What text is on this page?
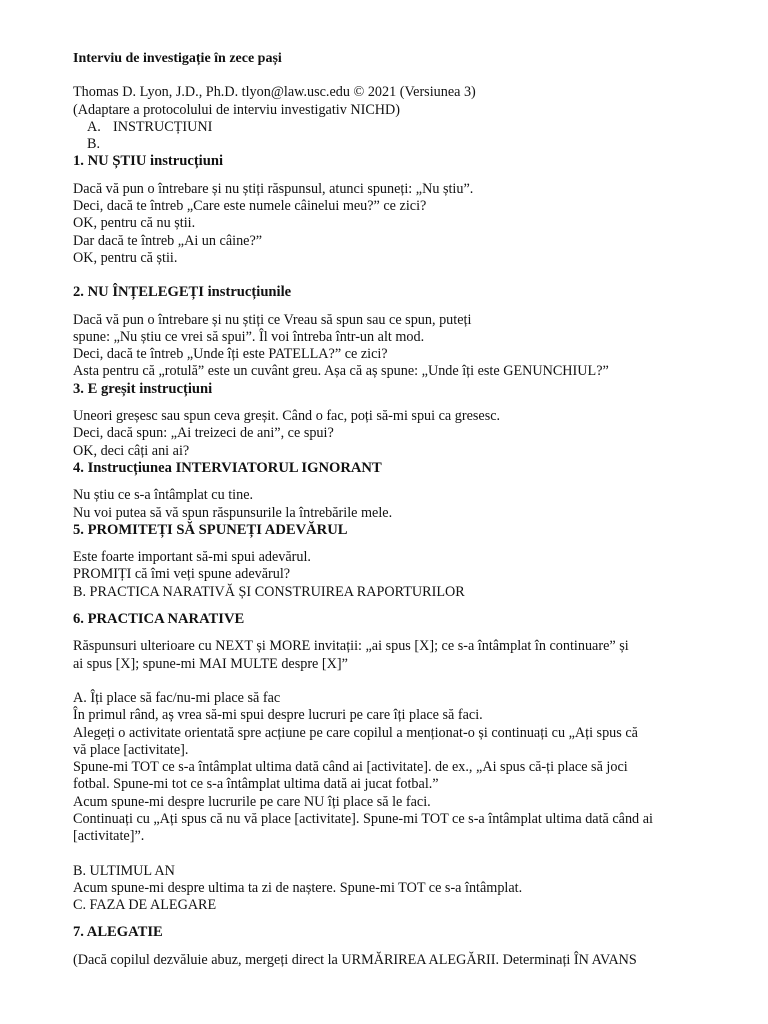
Interviu de investigație în zece pași
Thomas D. Lyon, J.D., Ph.D. tlyon@law.usc.edu © 2021 (Versiunea 3)
(Adaptare a protocolului de interviu investigativ NICHD)
A. INSTRUCȚIUNI
B.
1. NU ȘTIU instrucțiuni
Dacă vă pun o întrebare și nu știți răspunsul, atunci spuneți: „Nu știu”.
Deci, dacă te întreb „Care este numele câinelui meu?” ce zici?
OK, pentru că nu știi.
Dar dacă te întreb „Ai un câine?”
OK, pentru că știi.
2. NU ÎNȚELEGEȚI instrucțiunile
Dacă vă pun o întrebare și nu știți ce Vreau să spun sau ce spun, puteți
spune: „Nu știu ce vrei să spui”. Îl voi întreba într-un alt mod.
Deci, dacă te întreb „Unde îți este PATELLA?” ce zici?
Asta pentru că „rotulă” este un cuvânt greu. Așa că aș spune: „Unde îți este GENUNCHIUL?”
3. E greșit instrucțiuni
Uneori greșesc sau spun ceva greșit. Când o fac, poți să-mi spui ca gresesc.
Deci, dacă spun: „Ai treizeci de ani”, ce spui?
OK, deci câți ani ai?
4. Instrucțiunea INTERVIATORUL IGNORANT
Nu știu ce s-a întâmplat cu tine.
Nu voi putea să vă spun răspunsurile la întrebările mele.
5. PROMITEȚI SĂ SPUNEȚI ADEVĂRUL
Este foarte important să-mi spui adevărul.
PROMIȚI că îmi veți spune adevărul?
B. PRACTICA NARATIVĂ ȘI CONSTRUIREA RAPORTURILOR
6. PRACTICA NARATIVE
Răspunsuri ulterioare cu NEXT și MORE invitații: „ai spus [X]; ce s-a întâmplat în continuare” și
ai spus [X]; spune-mi MAI MULTE despre [X]”
A. Îți place să fac/nu-mi place să fac
În primul rând, aș vrea să-mi spui despre lucruri pe care îți place să faci.
Alegeți o activitate orientată spre acțiune pe care copilul a menționat-o și continuați cu „Ați spus că
vă place [activitate].
Spune-mi TOT ce s-a întâmplat ultima dată când ai [activitate]. de ex., „Ai spus că-ți place să joci
fotbal. Spune-mi tot ce s-a întâmplat ultima dată ai jucat fotbal.”
Acum spune-mi despre lucrurile pe care NU îți place să le faci.
Continuați cu „Ați spus că nu vă place [activitate]. Spune-mi TOT ce s-a întâmplat ultima dată când ai
[activitate]”.
B. ULTIMUL AN
Acum spune-mi despre ultima ta zi de naștere. Spune-mi TOT ce s-a întâmplat.
C. FAZA DE ALEGARE
7. ALEGATIE
(Dacă copilul dezvăluie abuz, mergeți direct la URMĂRIREA ALEGĂRII. Determinați ÎN AVANS
